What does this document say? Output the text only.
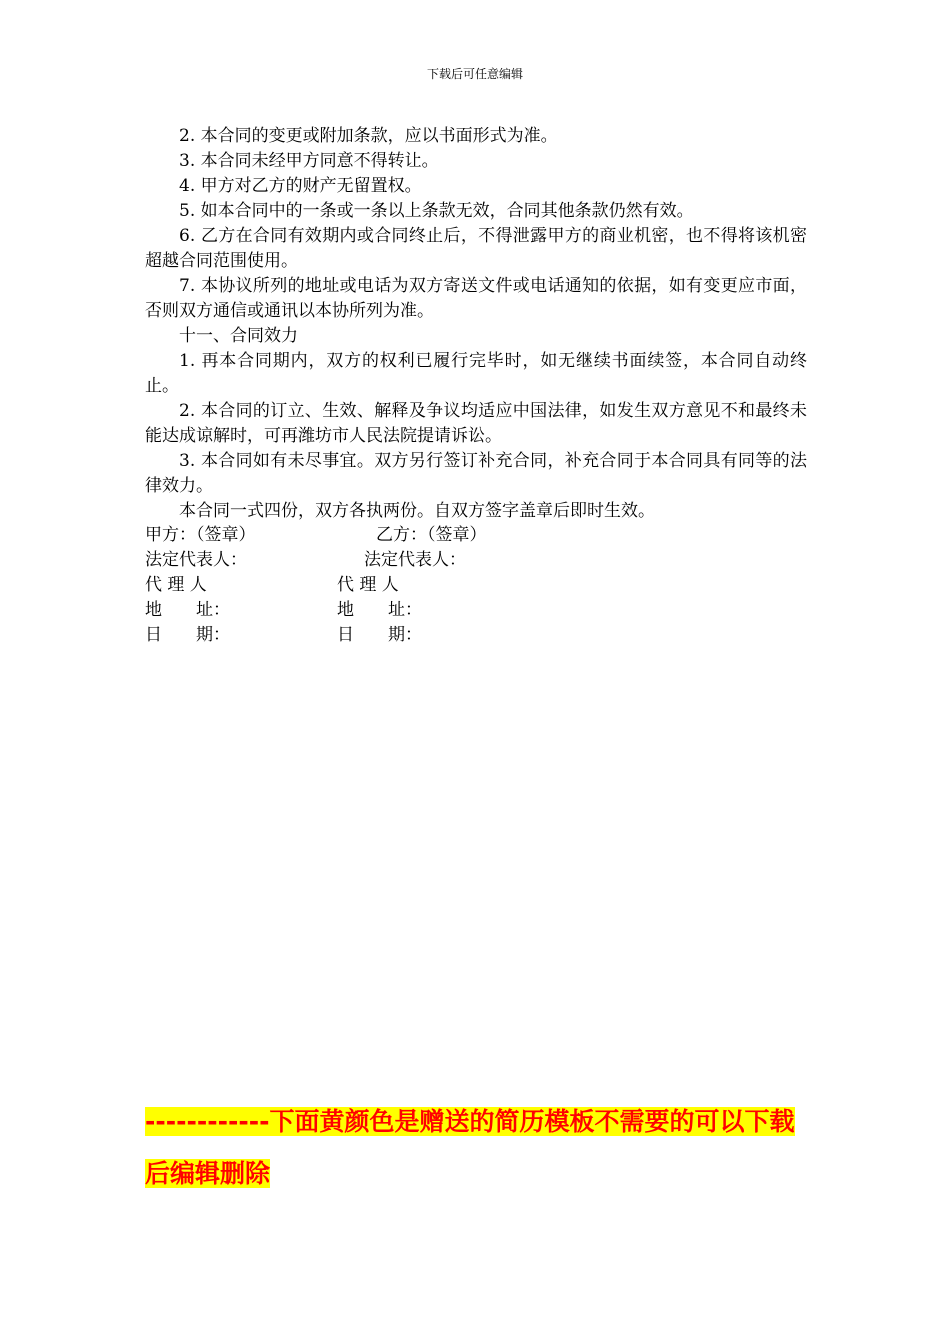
下载后可任意编辑

2. 本合同的变更或附加条款，应以书面形式为准。

3. 本合同未经甲方同意不得转让。

4. 甲方对乙方的财产无留置权。

5. 如本合同中的一条或一条以上条款无效，合同其他条款仍然有效。

6. 乙方在合同有效期内或合同终止后，不得泄露甲方的商业机密，也不得将该机密超越合同范围使用。

7. 本协议所列的地址或电话为双方寄送文件或电话通知的依据，如有变更应市面，否则双方通信或通讯以本协所列为准。

十一、合同效力

1. 再本合同期内，双方的权利已履行完毕时，如无继续书面续签，本合同自动终止。

2. 本合同的订立、生效、解释及争议均适应中国法律，如发生双方意见不和最终未能达成谅解时，可再潍坊市人民法院提请诉讼。

3. 本合同如有未尽事宜。双方另行签订补充合同，补充合同于本合同具有同等的法律效力。

本合同一式四份，双方各执两份。自双方签字盖章后即时生效。

甲方：（签章）
法定代表人：
代 理 人
地　　址：
日　　期：
乙方：（签章）
法定代表人：
代 理 人
地　　址：
日　　期：
------------下面黄颜色是赠送的简历模板不需要的可以下载后编辑删除
